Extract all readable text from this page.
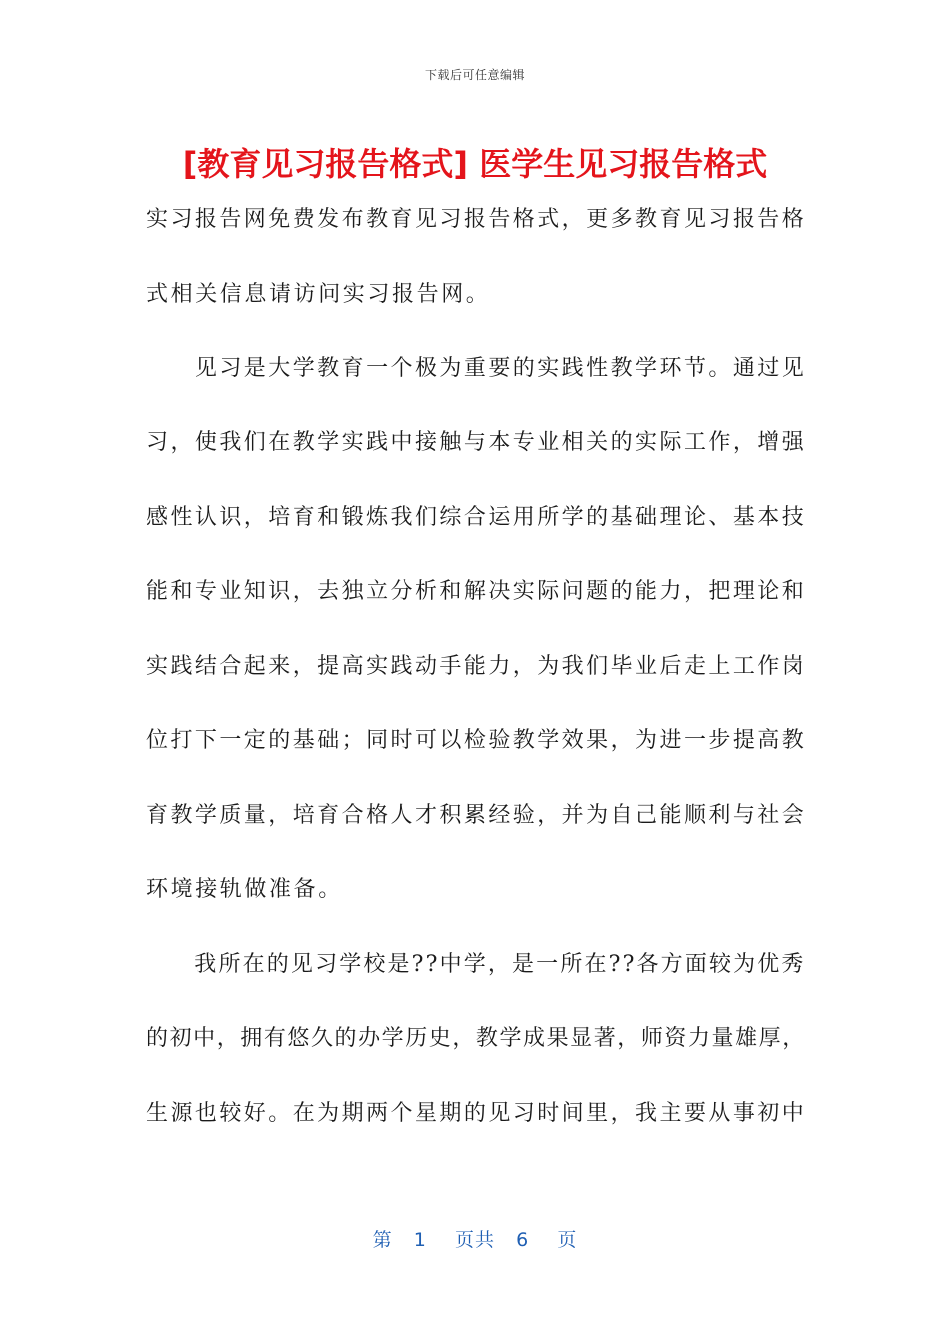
下载后可任意编辑
[教育见习报告格式] 医学生见习报告格式
实习报告网免费发布教育见习报告格式，更多教育见习报告格
式相关信息请访问实习报告网。
　　见习是大学教育一个极为重要的实践性教学环节。通过见
习，使我们在教学实践中接触与本专业相关的实际工作，增强
感性认识，培育和锻炼我们综合运用所学的基础理论、基本技
能和专业知识，去独立分析和解决实际问题的能力，把理论和
实践结合起来，提高实践动手能力，为我们毕业后走上工作岗
位打下一定的基础；同时可以检验教学效果，为进一步提高教
育教学质量，培育合格人才积累经验，并为自己能顺利与社会
环境接轨做准备。
　　我所在的见习学校是??中学，是一所在??各方面较为优秀
的初中，拥有悠久的办学历史，教学成果显著，师资力量雄厚，
生源也较好。在为期两个星期的见习时间里，我主要从事初中
第 1 页共 6 页
